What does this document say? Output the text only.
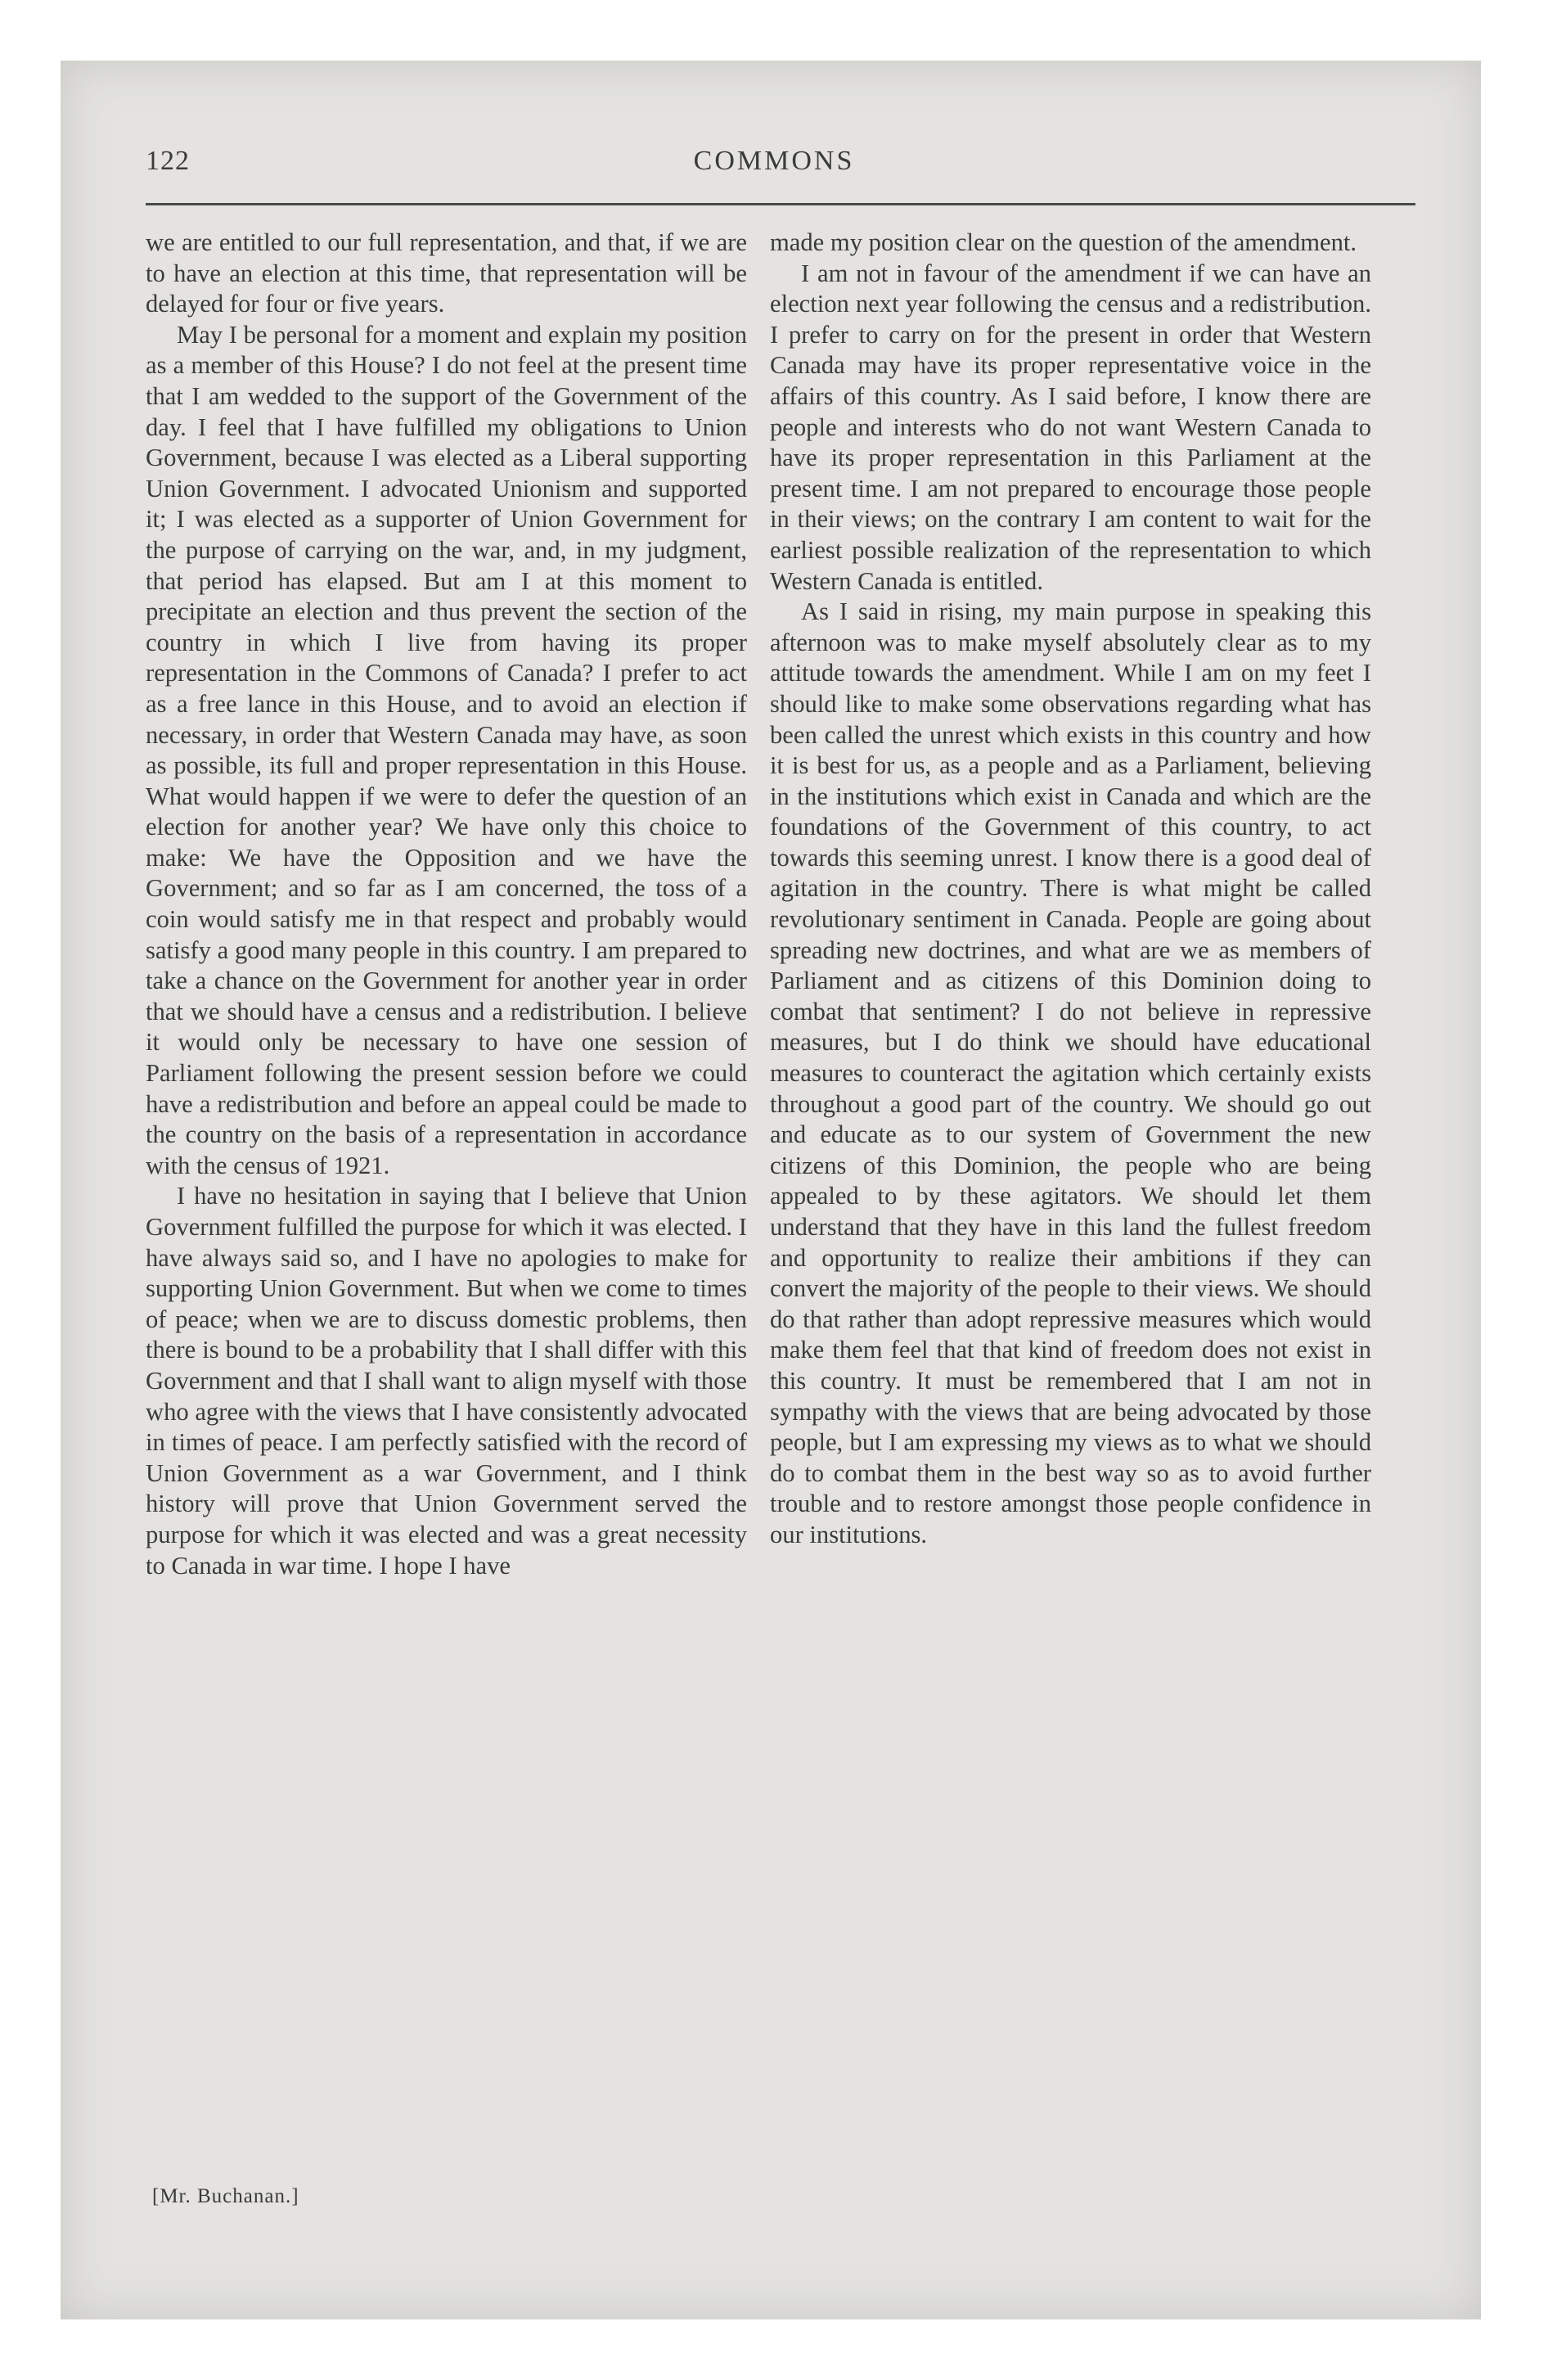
122	COMMONS

we are entitled to our full representation, and that, if we are to have an election at this time, that representation will be delayed for four or five years.

May I be personal for a moment and explain my position as a member of this House? I do not feel at the present time that I am wedded to the support of the Government of the day. I feel that I have fulfilled my obligations to Union Government, because I was elected as a Liberal supporting Union Government. I advocated Unionism and supported it; I was elected as a supporter of Union Government for the purpose of carrying on the war, and, in my judgment, that period has elapsed. But am I at this moment to precipitate an election and thus prevent the section of the country in which I live from having its proper representation in the Commons of Canada? I prefer to act as a free lance in this House, and to avoid an election if necessary, in order that Western Canada may have, as soon as possible, its full and proper representation in this House. What would happen if we were to defer the question of an election for another year? We have only this choice to make: We have the Opposition and we have the Government; and so far as I am concerned, the toss of a coin would satisfy me in that respect and probably would satisfy a good many people in this country. I am prepared to take a chance on the Government for another year in order that we should have a census and a redistribution. I believe it would only be necessary to have one session of Parliament following the present session before we could have a redistribution and before an appeal could be made to the country on the basis of a representation in accordance with the census of 1921.

I have no hesitation in saying that I believe that Union Government fulfilled the purpose for which it was elected. I have always said so, and I have no apologies to make for supporting Union Government. But when we come to times of peace; when we are to discuss domestic problems, then there is bound to be a probability that I shall differ with this Government and that I shall want to align myself with those who agree with the views that I have consistently advocated in times of peace. I am perfectly satisfied with the record of Union Government as a war Government, and I think history will prove that Union Government served the purpose for which it was elected and was a great necessity to Canada in war time. I hope I have

made my position clear on the question of the amendment.

I am not in favour of the amendment if we can have an election next year following the census and a redistribution. I prefer to carry on for the present in order that Western Canada may have its proper representative voice in the affairs of this country. As I said before, I know there are people and interests who do not want Western Canada to have its proper representation in this Parliament at the present time. I am not prepared to encourage those people in their views; on the contrary I am content to wait for the earliest possible realization of the representation to which Western Canada is entitled.

As I said in rising, my main purpose in speaking this afternoon was to make myself absolutely clear as to my attitude towards the amendment. While I am on my feet I should like to make some observations regarding what has been called the unrest which exists in this country and how it is best for us, as a people and as a Parliament, believing in the institutions which exist in Canada and which are the foundations of the Government of this country, to act towards this seeming unrest. I know there is a good deal of agitation in the country. There is what might be called revolutionary sentiment in Canada. People are going about spreading new doctrines, and what are we as members of Parliament and as citizens of this Dominion doing to combat that sentiment? I do not believe in repressive measures, but I do think we should have educational measures to counteract the agitation which certainly exists throughout a good part of the country. We should go out and educate as to our system of Government the new citizens of this Dominion, the people who are being appealed to by these agitators. We should let them understand that they have in this land the fullest freedom and opportunity to realize their ambitions if they can convert the majority of the people to their views. We should do that rather than adopt repressive measures which would make them feel that that kind of freedom does not exist in this country. It must be remembered that I am not in sympathy with the views that are being advocated by those people, but I am expressing my views as to what we should do to combat them in the best way so as to avoid further trouble and to restore amongst those people confidence in our institutions.

[Mr. Buchanan.]
